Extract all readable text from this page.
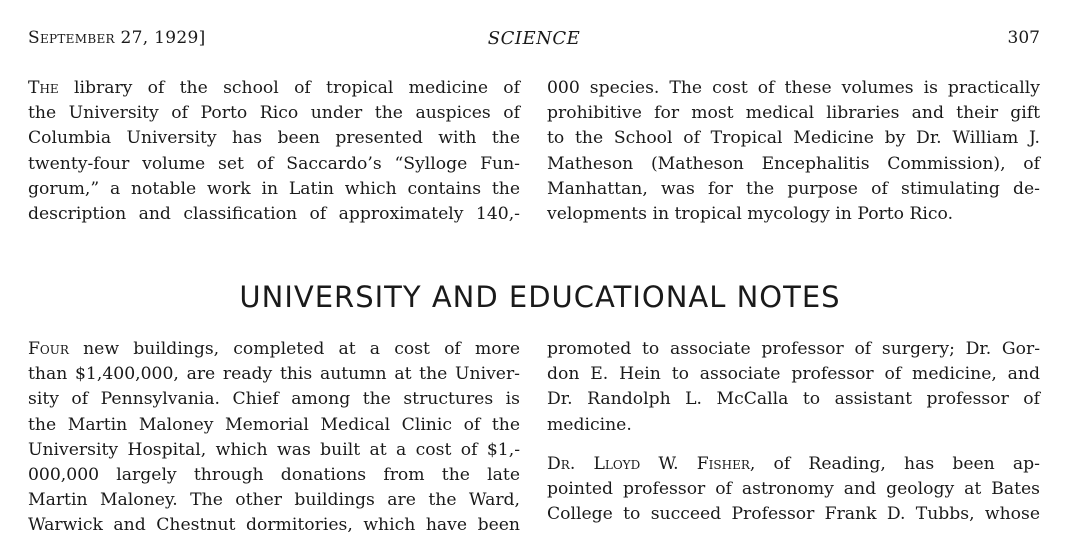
September 27, 1929]	SCIENCE	307

The library of the school of tropical medicine of

the University of Porto Rico under the auspices of

Columbia University has been presented with the

twenty-four volume set of Saccardo’s “Sylloge Fun-

gorum,” a notable work in Latin which contains the

description and classification of approximately 140,-

000 species. The cost of these volumes is practically

prohibitive for most medical libraries and their gift

to the School of Tropical Medicine by Dr. William J.

Matheson (Matheson Encephalitis Commission), of

Manhattan, was for the purpose of stimulating de-

velopments in tropical mycology in Porto Rico.

UNIVERSITY AND EDUCATIONAL NOTES

Four new buildings, completed at a cost of more

than $1,400,000, are ready this autumn at the Univer-

sity of Pennsylvania. Chief among the structures is

the Martin Maloney Memorial Medical Clinic of the

University Hospital, which was built at a cost of $1,-

000,000 largely through donations from the late

Martin Maloney. The other buildings are the Ward,

Warwick and Chestnut dormitories, which have been

promoted to associate professor of surgery; Dr. Gor-

don E. Hein to associate professor of medicine, and

Dr. Randolph L. McCalla to assistant professor of

medicine.

Dr. Lloyd W. Fisher, of Reading, has been ap-

pointed professor of astronomy and geology at Bates

College to succeed Professor Frank D. Tubbs, whose
